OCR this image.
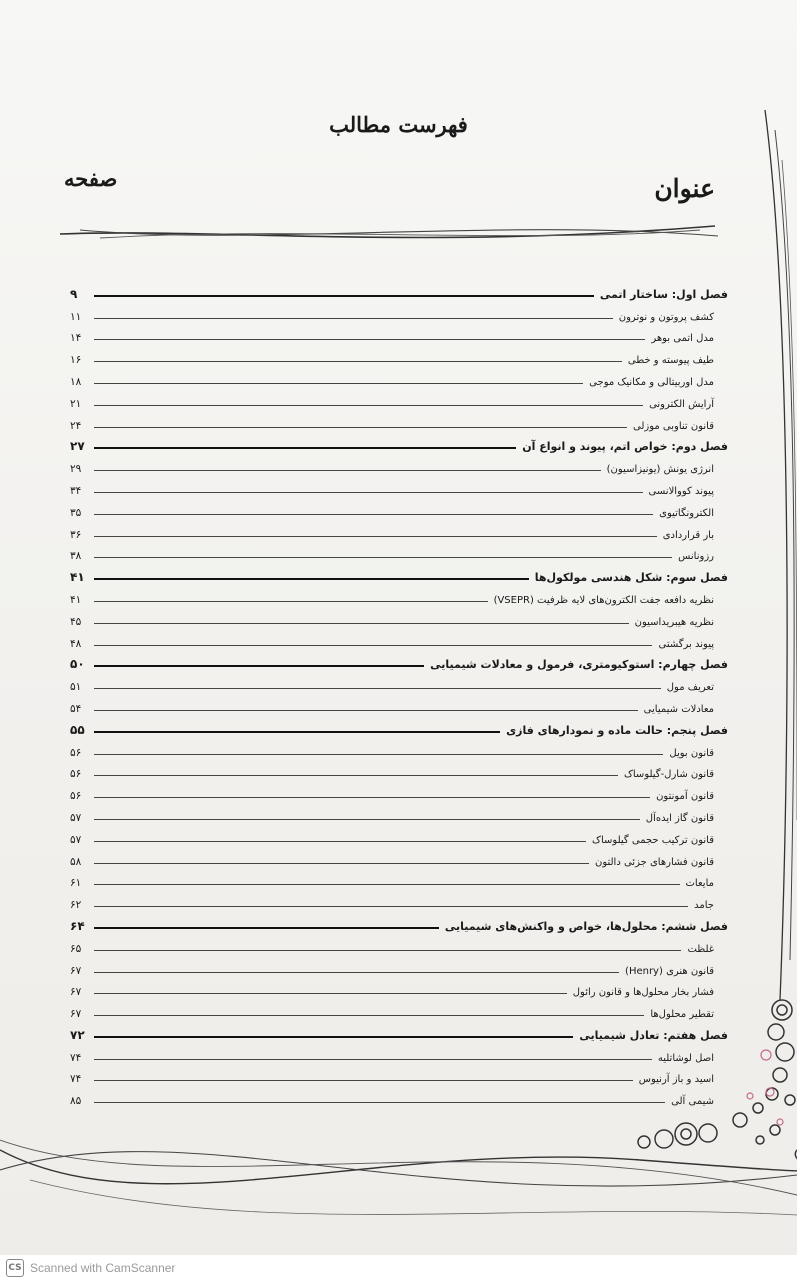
فهرست مطالب
عنوان
صفحه
فصل اول: ساختار اتمی
۹
کشف پروتون و نوترون
۱۱
مدل اتمی بوهر
۱۴
طیف پیوسته و خطی
۱۶
مدل اوربیتالی و مکانیک موجی
۱۸
آرایش الکترونی
۲۱
قانون تناوبی موزلی
۲۴
فصل دوم: خواص اتم، پیوند و انواع آن
۲۷
انرژی یونش (یونیزاسیون)
۲۹
پیوند کووالانسی
۳۴
الکترونگاتیوی
۳۵
بار قراردادی
۳۶
رزونانس
۳۸
فصل سوم: شکل هندسی مولکول‌ها
۴۱
نظریه دافعه جفت الکترون‌های لایه ظرفیت (VSEPR)
۴۱
نظریه هیبریداسیون
۴۵
پیوند برگشتی
۴۸
فصل چهارم: استوکیومتری، فرمول و معادلات شیمیایی
۵۰
تعریف مول
۵۱
معادلات شیمیایی
۵۴
فصل پنجم: حالت ماده و نمودارهای فازی
۵۵
قانون بویل
۵۶
قانون شارل-گیلوساک
۵۶
قانون آمونتون
۵۶
قانون گاز ایده‌آل
۵۷
قانون ترکیب حجمی گیلوساک
۵۷
قانون فشارهای جزئی دالتون
۵۸
مایعات
۶۱
جامد
۶۲
فصل ششم: محلول‌ها، خواص و واکنش‌های شیمیایی
۶۴
غلظت
۶۵
قانون هنری (Henry)
۶۷
فشار بخار محلول‌ها و قانون رائول
۶۷
تقطیر محلول‌ها
۶۷
فصل هفتم: تعادل شیمیایی
۷۲
اصل لوشاتلیه
۷۴
اسید و باز آرنیوس
۷۴
شیمی آلی
۸۵
CS Scanned with CamScanner
